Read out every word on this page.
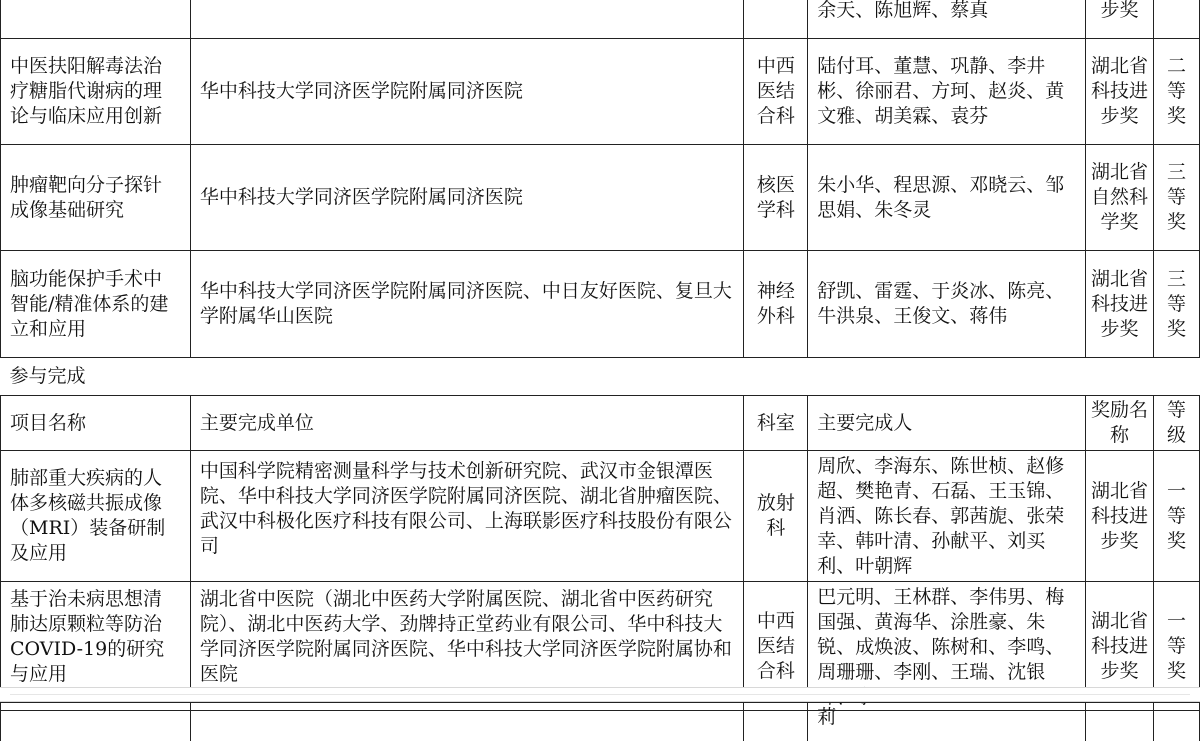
			余天、陈旭辉、蔡真	步奖	
中医扶阳解毒法治疗糖脂代谢病的理论与临床应用创新	华中科技大学同济医学院附属同济医院	中西医结合科	陆付耳、董慧、巩静、李井彬、徐丽君、方珂、赵炎、黄文雅、胡美霖、袁芬	湖北省科技进步奖	二等奖
肿瘤靶向分子探针成像基础研究	华中科技大学同济医学院附属同济医院	核医学科	朱小华、程思源、邓晓云、邹思娟、朱冬灵	湖北省自然科学奖	三等奖
脑功能保护手术中智能/精准体系的建立和应用	华中科技大学同济医学院附属同济医院、中日友好医院、复旦大学附属华山医院	神经外科	舒凯、雷霆、于炎冰、陈亮、牛洪泉、王俊文、蒋伟	湖北省科技进步奖	三等奖
参与完成					
项目名称	主要完成单位	科室	主要完成人	奖励名称	等级
肺部重大疾病的人体多核磁共振成像（MRI）装备研制及应用	中国科学院精密测量科学与技术创新研究院、武汉市金银潭医院、华中科技大学同济医学院附属同济医院、湖北省肿瘤医院、武汉中科极化医疗科技有限公司、上海联影医疗科技股份有限公司	放射科	周欣、李海东、陈世桢、赵修超、樊艳青、石磊、王玉锦、肖洒、陈长春、郭茜旎、张荣幸、韩叶清、孙献平、刘买利、叶朝辉	湖北省科技进步奖	一等奖
基于治未病思想清肺达原颗粒等防治COVID-19的研究与应用	湖北省中医院（湖北中医药大学附属医院、湖北省中医药研究院）、湖北中医药大学、劲牌持正堂药业有限公司、华中科技大学同济医学院附属同济医院、华中科技大学同济医学院附属协和医院	中西医结合科	巴元明、王林群、李伟男、梅国强、黄海华、涂胜豪、朱锐、成焕波、陈树和、李鸣、周珊珊、李刚、王瑞、沈银	湖北省科技进步奖	一等奖
			莉		
